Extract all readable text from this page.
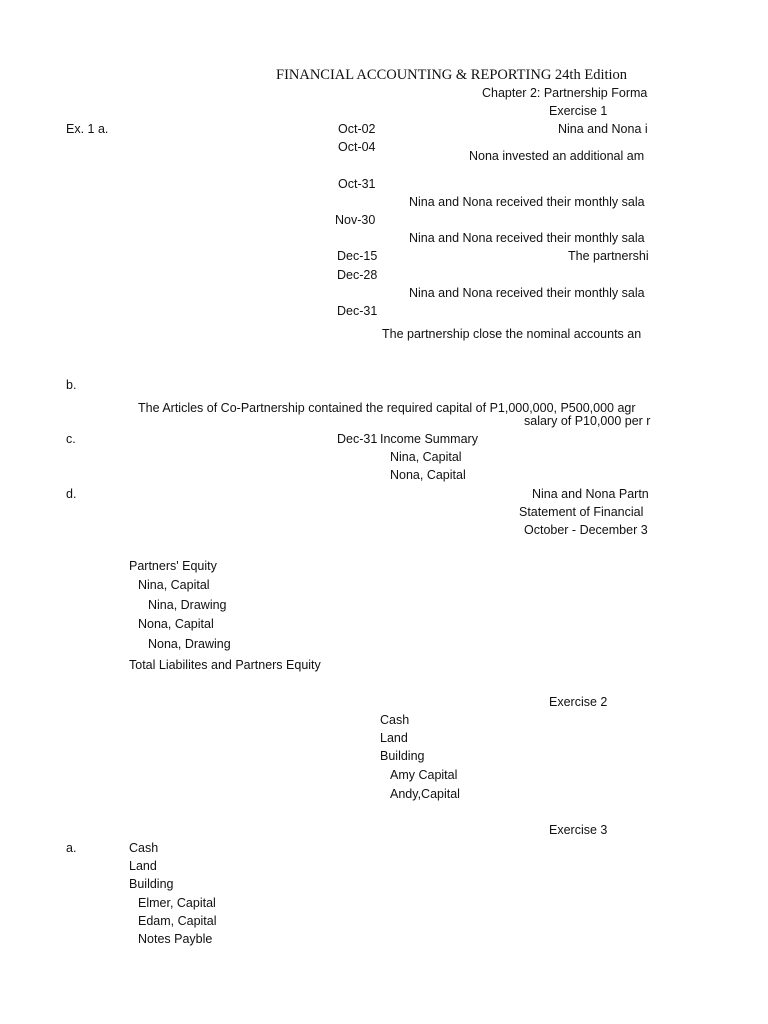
FINANCIAL ACCOUNTING & REPORTING 24th Edition
Chapter 2: Partnership Forma
Exercise 1
Ex. 1 a.	Oct-02	Nina and Nona i
Oct-04
Nona invested an additional am
Oct-31
Nina and Nona received their monthly sala
Nov-30
Nina and Nona received their monthly sala
Dec-15	The partnershi
Dec-28
Nina and Nona received their monthly sala
Dec-31
The partnership close the nominal accounts an
b.
The Articles of Co-Partnership contained the required capital of P1,000,000, P500,000 agr
salary of P10,000 per r
c.	Dec-31 Income Summary
Nina, Capital
Nona, Capital
d.	Nina and Nona Partn
Statement of Financial
October - December 3
Partners' Equity
Nina, Capital
Nina, Drawing
Nona, Capital
Nona, Drawing
Total Liabilites and Partners Equity
Exercise 2
Cash
Land
Building
Amy Capital
Andy,Capital
Exercise 3
a.	Cash
Land
Building
Elmer, Capital
Edam, Capital
Notes Payble
